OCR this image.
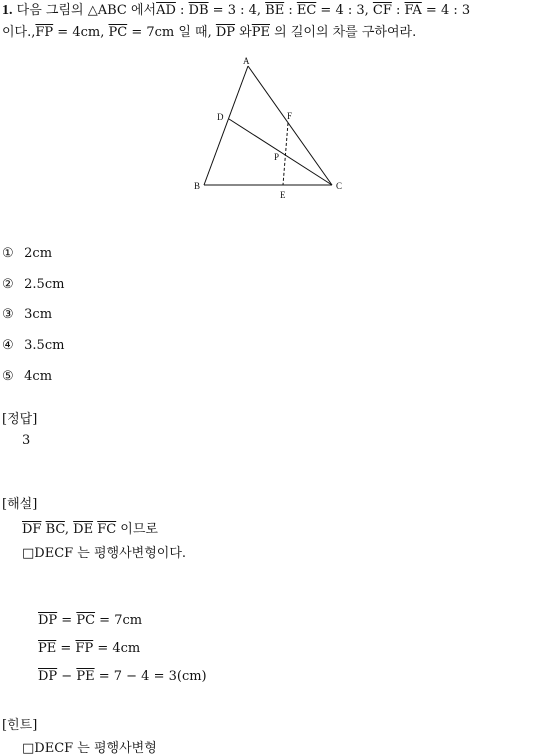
1. 다음 그림의 △ABC 에서$\overline{AD}$ : $\overline{DB} = 3$ : 4, $\overline{BE}$ : $\overline{EC} = 4$ : 3, $\overline{CF}$ : $\overline{FA} = 4$ : 3
이다$.,\overline{FP} = 4cm$, $\overline{PC} = 7cm$ 일 때, $\overline{DP}$ 와$\overline{PE}$ 의 길이의 차를 구하여라.
A
B	C
D
E
F
P
① 2cm
② 2.5cm
③ 3cm
④ 3.5cm
⑤ 4cm
[정답]
3
[해설]
$\overline{DF}$ $\overline{BC}$, $\overline{DE}$ $\overline{FC}$ 이므로
□DECF 는 평행사변형이다.
$\overline{DP} = \overline{PC} = 7cm$
$\overline{PE} = \overline{FP} = 4cm$
$\overline{DP} - \overline{PE} = 7 - 4 = 3(cm)$
[힌트]
□DECF 는 평행사변형
